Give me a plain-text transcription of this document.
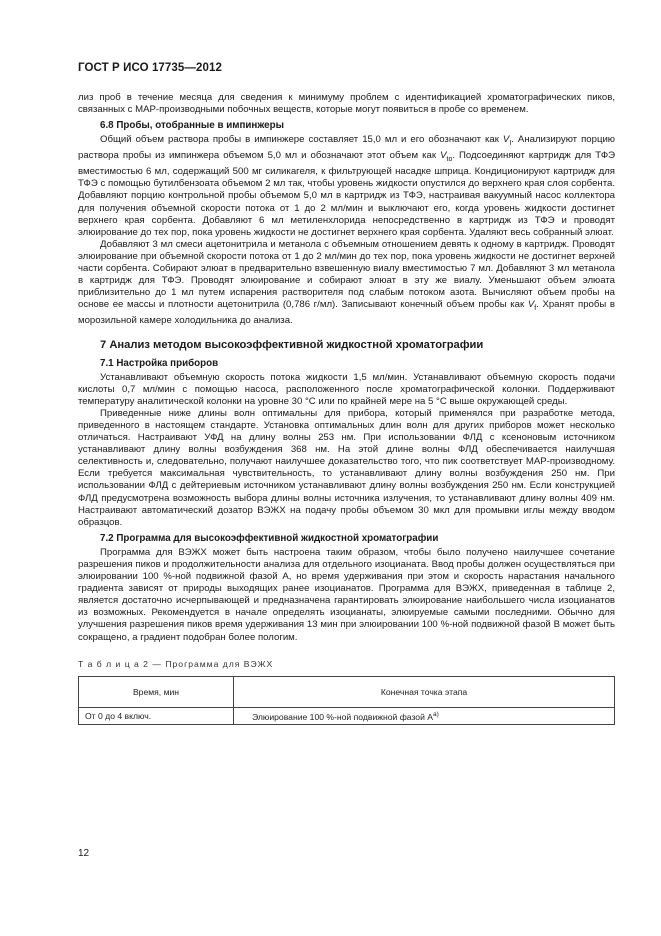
ГОСТ Р ИСО 17735—2012

лиз проб в течение месяца для сведения к минимуму проблем с идентификацией хроматографических пиков, связанных с МАР-производными побочных веществ, которые могут появиться в пробе со временем.

6.8 Пробы, отобранные в импинжеры

Общий объем раствора пробы в импинжере составляет 15,0 мл и его обозначают как $V_I$. Анализируют порцию раствора пробы из импинжера объемом 5,0 мл и обозначают этот объем как $V_{to}$. Подсоединяют картридж для ТФЭ вместимостью 6 мл, содержащий 500 мг силикагеля, к фильтрующей насадке шприца. Кондиционируют картридж для ТФЭ с помощью бутилбензоата объемом 2 мл так, чтобы уровень жидкости опустился до верхнего края слоя сорбента. Добавляют порцию контрольной пробы объемом 5,0 мл в картридж из ТФЭ, настраивая вакуумный насос коллектора для получения объемной скорости потока от 1 до 2 мл/мин и выключают его, когда уровень жидкости достигнет верхнего края сорбента. Добавляют 6 мл метиленхлорида непосредственно в картридж из ТФЭ и проводят элюирование до тех пор, пока уровень жидкости не достигнет верхнего края сорбента. Удаляют весь собранный элюат.

Добавляют 3 мл смеси ацетонитрила и метанола с объемным отношением девять к одному в картридж. Проводят элюирование при объемной скорости потока от 1 до 2 мл/мин до тех пор, пока уровень жидкости не достигнет верхней части сорбента. Собирают элюат в предварительно взвешенную виалу вместимостью 7 мл. Добавляют 3 мл метанола в картридж для ТФЭ. Проводят элюирование и собирают элюат в эту же виалу. Уменьшают объем элюата приблизительно до 1 мл путем испарения растворителя под слабым потоком азота. Вычисляют объем пробы на основе ее массы и плотности ацетонитрила (0,786 г/мл). Записывают конечный объем пробы как $V_f$. Хранят пробы в морозильной камере холодильника до анализа.

7 Анализ методом высокоэффективной жидкостной хроматографии
7.1 Настройка приборов

Устанавливают объемную скорость потока жидкости 1,5 мл/мин. Устанавливают объемную скорость подачи кислоты 0,7 мл/мин с помощью насоса, расположенного после хроматографической колонки. Поддерживают температуру аналитической колонки на уровне 30 °С или по крайней мере на 5 °С выше окружающей среды.

Приведенные ниже длины волн оптимальны для прибора, который применялся при разработке метода, приведенного в настоящем стандарте. Установка оптимальных длин волн для других приборов может несколько отличаться. Настраивают УФД на длину волны 253 нм. При использовании ФЛД с ксеноновым источником устанавливают длину волны возбуждения 368 нм. На этой длине волны ФЛД обеспечивается наилучшая селективность и, следовательно, получают наилучшее доказательство того, что пик соответствует МАР-производному. Если требуется максимальная чувствительность, то устанавливают длину волны возбуждения 250 нм. При использовании ФЛД с дейтериевым источником устанавливают длину волны возбуждения 250 нм. Если конструкцией ФЛД предусмотрена возможность выбора длины волны источника излучения, то устанавливают длину волны 409 нм. Настраивают автоматический дозатор ВЭЖХ на подачу пробы объемом 30 мкл для промывки иглы между вводом образцов.

7.2 Программа для высокоэффективной жидкостной хроматографии

Программа для ВЭЖХ может быть настроена таким образом, чтобы было получено наилучшее сочетание разрешения пиков и продолжительности анализа для отдельного изоцианата. Ввод пробы должен осуществляться при элюировании 100 %-ной подвижной фазой А, но время удерживания при этом и скорость нарастания начального градиента зависят от природы выходящих ранее изоцианатов. Программа для ВЭЖХ, приведенная в таблице 2, является достаточно исчерпывающей и предназначена гарантировать элюирование наибольшего числа изоцианатов из возможных. Рекомендуется в начале определять изоцианаты, элюируемые самыми последними. Обычно для улучшения разрешения пиков время удерживания 13 мин при элюировании 100 %-ной подвижной фазой В может быть сокращено, а градиент подобран более пологим.

Т а б л и ц а 2 — Программа для ВЭЖХ
Время, мин	Конечная точка этапа
От 0 до 4 включ.	Элюирование 100 %-ной подвижной фазой $А^{a)}$
12
